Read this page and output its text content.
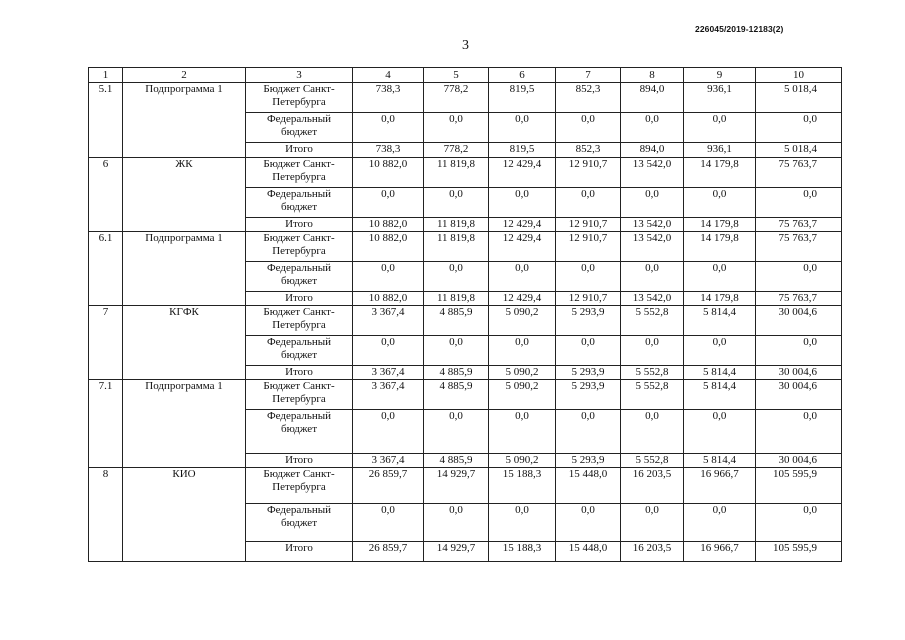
226045/2019-12183(2)
3
1	2	3	4	5	6	7	8	9	10
5.1	Подпрограмма 1	Бюджет Санкт-Петербурга	738,3	778,2	819,5	852,3	894,0	936,1	5 018,4
		Федеральный бюджет	0,0	0,0	0,0	0,0	0,0	0,0	0,0
		Итого	738,3	778,2	819,5	852,3	894,0	936,1	5 018,4
6	ЖК	Бюджет Санкт-Петербурга	10 882,0	11 819,8	12 429,4	12 910,7	13 542,0	14 179,8	75 763,7
		Федеральный бюджет	0,0	0,0	0,0	0,0	0,0	0,0	0,0
		Итого	10 882,0	11 819,8	12 429,4	12 910,7	13 542,0	14 179,8	75 763,7
6.1	Подпрограмма 1	Бюджет Санкт-Петербурга	10 882,0	11 819,8	12 429,4	12 910,7	13 542,0	14 179,8	75 763,7
		Федеральный бюджет	0,0	0,0	0,0	0,0	0,0	0,0	0,0
		Итого	10 882,0	11 819,8	12 429,4	12 910,7	13 542,0	14 179,8	75 763,7
7	КГФК	Бюджет Санкт-Петербурга	3 367,4	4 885,9	5 090,2	5 293,9	5 552,8	5 814,4	30 004,6
		Федеральный бюджет	0,0	0,0	0,0	0,0	0,0	0,0	0,0
		Итого	3 367,4	4 885,9	5 090,2	5 293,9	5 552,8	5 814,4	30 004,6
7.1	Подпрограмма 1	Бюджет Санкт-Петербурга	3 367,4	4 885,9	5 090,2	5 293,9	5 552,8	5 814,4	30 004,6
		Федеральный бюджет	0,0	0,0	0,0	0,0	0,0	0,0	0,0
		Итого	3 367,4	4 885,9	5 090,2	5 293,9	5 552,8	5 814,4	30 004,6
8	КИО	Бюджет Санкт-Петербурга	26 859,7	14 929,7	15 188,3	15 448,0	16 203,5	16 966,7	105 595,9
		Федеральный бюджет	0,0	0,0	0,0	0,0	0,0	0,0	0,0
		Итого	26 859,7	14 929,7	15 188,3	15 448,0	16 203,5	16 966,7	105 595,9
